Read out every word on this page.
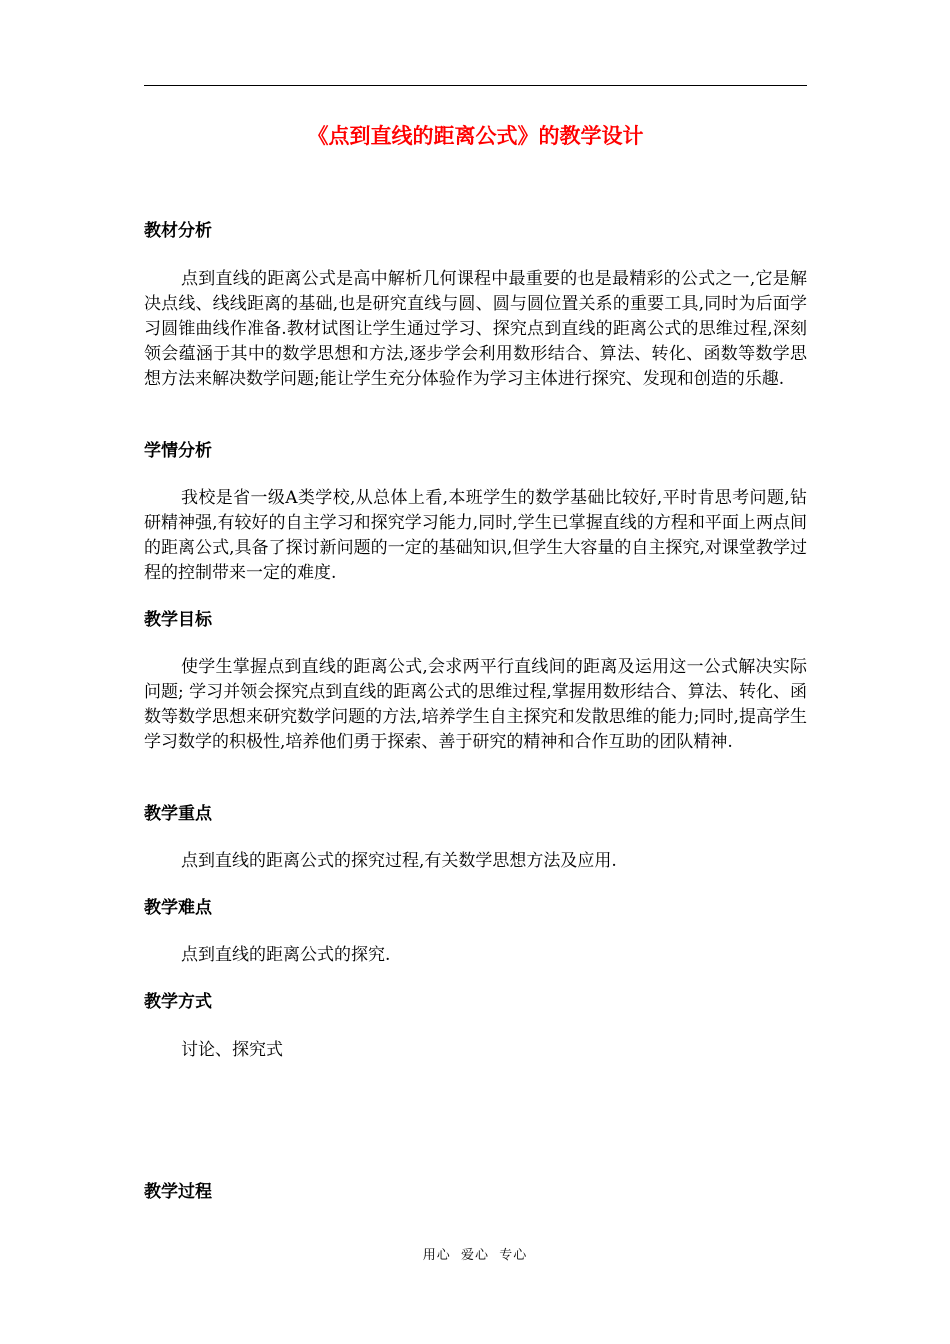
《点到直线的距离公式》的教学设计
教材分析

点到直线的距离公式是高中解析几何课程中最重要的也是最精彩的公式之一,它是解决点线、线线距离的基础,也是研究直线与圆、圆与圆位置关系的重要工具,同时为后面学习圆锥曲线作准备.教材试图让学生通过学习、探究点到直线的距离公式的思维过程,深刻领会蕴涵于其中的数学思想和方法,逐步学会利用数形结合、算法、转化、函数等数学思想方法来解决数学问题;能让学生充分体验作为学习主体进行探究、发现和创造的乐趣.

学情分析

我校是省一级A类学校,从总体上看,本班学生的数学基础比较好,平时肯思考问题,钻研精神强,有较好的自主学习和探究学习能力,同时,学生已掌握直线的方程和平面上两点间的距离公式,具备了探讨新问题的一定的基础知识,但学生大容量的自主探究,对课堂教学过程的控制带来一定的难度.

教学目标

使学生掌握点到直线的距离公式,会求两平行直线间的距离及运用这一公式解决实际问题; 学习并领会探究点到直线的距离公式的思维过程,掌握用数形结合、算法、转化、函数等数学思想来研究数学问题的方法,培养学生自主探究和发散思维的能力;同时,提高学生学习数学的积极性,培养他们勇于探索、善于研究的精神和合作互助的团队精神.

教学重点

点到直线的距离公式的探究过程,有关数学思想方法及应用.

教学难点

点到直线的距离公式的探究.

教学方式

讨论、探究式

教学过程
用心  爱心  专心
